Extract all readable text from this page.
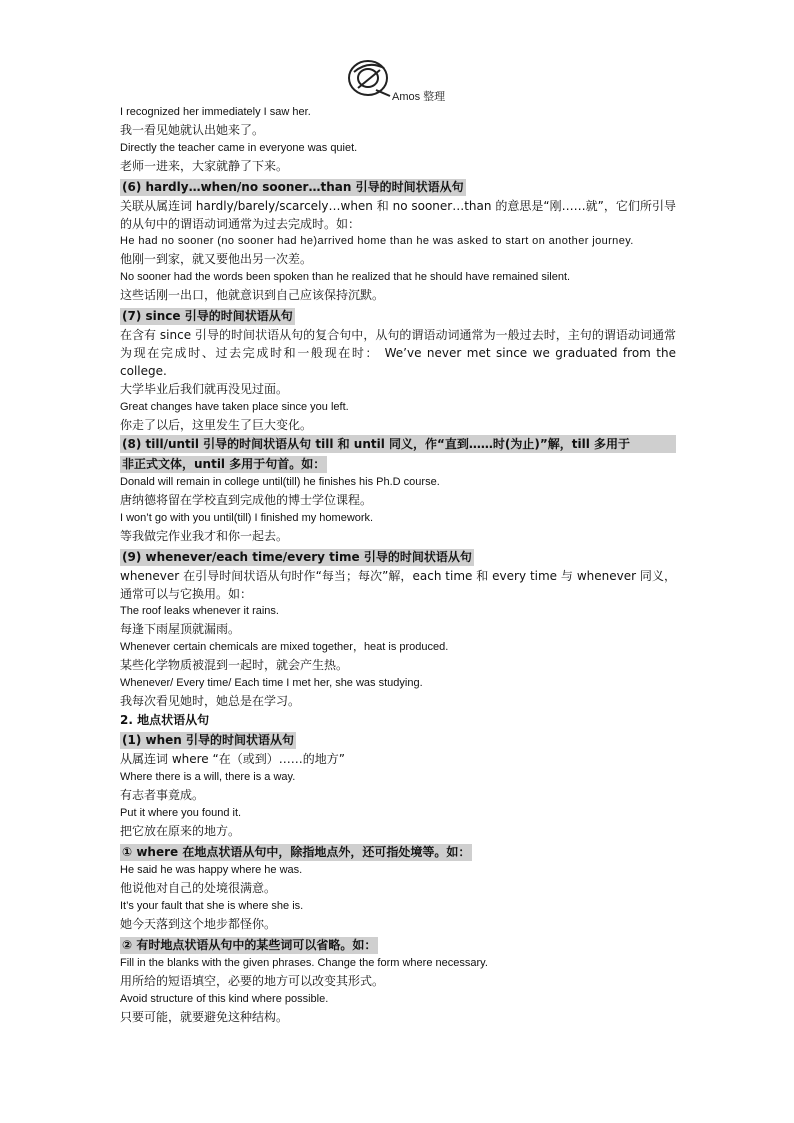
Amos 整理
I recognized her immediately I saw her.
我一看见她就认出她来了。
Directly the teacher came in everyone was quiet.
老师一进来，大家就静了下来。
(6) hardly…when/no sooner…than 引导的时间状语从句
关联从属连词 hardly/barely/scarcely…when 和 no sooner…than 的意思是“刚……就”，它们所引导的从句中的谓语动词通常为过去完成时。如：
He had no sooner (no sooner had he)arrived home than he was asked to start on another journey.
他刚一到家，就又要他出另一次差。
No sooner had the words been spoken than he realized that he should have remained silent.
这些话刚一出口，他就意识到自己应该保持沉默。
(7) since 引导的时间状语从句
在含有 since 引导的时间状语从句的复合句中，从句的谓语动词通常为一般过去时，主句的谓语动词通常为现在完成时、过去完成时和一般现在时： We’ve never met since we graduated from the college.
大学毕业后我们就再没见过面。
Great changes have taken place since you left.
你走了以后，这里发生了巨大变化。
(8) till/until 引导的时间状语从句 till 和 until 同义，作“直到……时(为止)”解，till 多用于
非正式文体，until 多用于句首。如：
Donald will remain in college until(till) he finishes his Ph.D course.
唐纳德将留在学校直到完成他的博士学位课程。
I won’t go with you until(till) I finished my homework.
等我做完作业我才和你一起去。
(9) whenever/each time/every time 引导的时间状语从句
whenever 在引导时间状语从句时作“每当；每次”解，each time 和 every time 与 whenever 同义，通常可以与它换用。如：
The roof leaks whenever it rains.
每逢下雨屋顶就漏雨。
Whenever certain chemicals are mixed together，heat is produced.
某些化学物质被混到一起时，就会产生热。
Whenever/ Every time/ Each time I met her, she was studying.
我每次看见她时，她总是在学习。
2. 地点状语从句
(1) when 引导的时间状语从句
从属连词 where “在（或到）……的地方”
Where there is a will, there is a way.
有志者事竟成。
Put it where you found it.
把它放在原来的地方。
① where 在地点状语从句中，除指地点外，还可指处境等。如：
He said he was happy where he was.
他说他对自己的处境很满意。
It’s your fault that she is where she is.
她今天落到这个地步都怪你。
② 有时地点状语从句中的某些词可以省略。如：
Fill in the blanks with the given phrases. Change the form where necessary.
用所给的短语填空，必要的地方可以改变其形式。
Avoid structure of this kind where possible.
只要可能，就要避免这种结构。
